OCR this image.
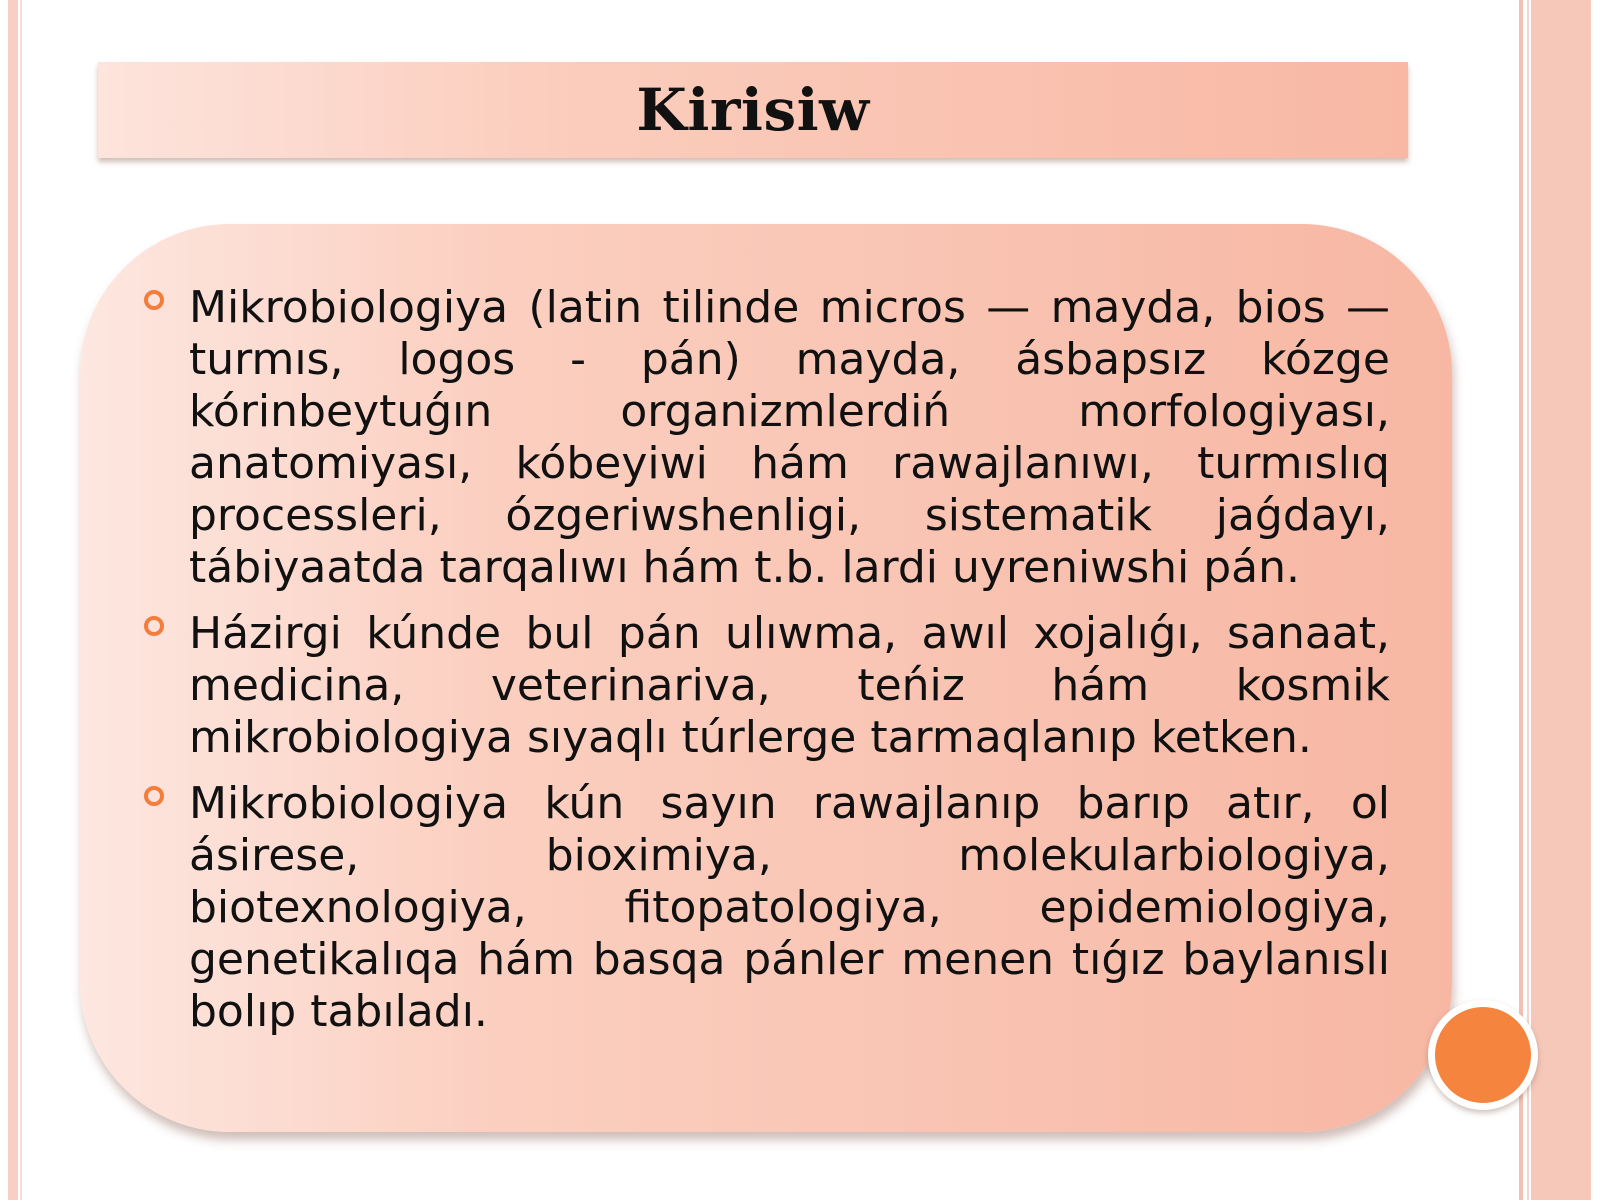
Kirisiw
Mikrobiologiya (latin tilinde micros — mayda, bios — turmıs, logos - pán) mayda, ásbapsız kózge kórinbeytuǵın organizmlerdiń morfologiyası, anatomiyası, kóbeyiwi hám rawajlanıwı, turmıslıq processleri, ózgeriwshenligi, sistematik jaǵdayı, tábiyaatda tarqalıwı hám t.b. lardi uyreniwshi pán.
Házirgi kúnde bul pán ulıwma, awıl xojalıǵı, sanaat, medicina, veterinariva, teńiz hám kosmik mikrobiologiya sıyaqlı túrlerge tarmaqlanıp ketken.
Mikrobiologiya kún sayın rawajlanıp barıp atır, ol ásirese, bioximiya, molekularbiologiya, biotexnologiya, fitopatologiya, epidemiologiya, genetikalıqa hám basqa pánler menen tıǵız baylanıslı bolıp tabıladı.
